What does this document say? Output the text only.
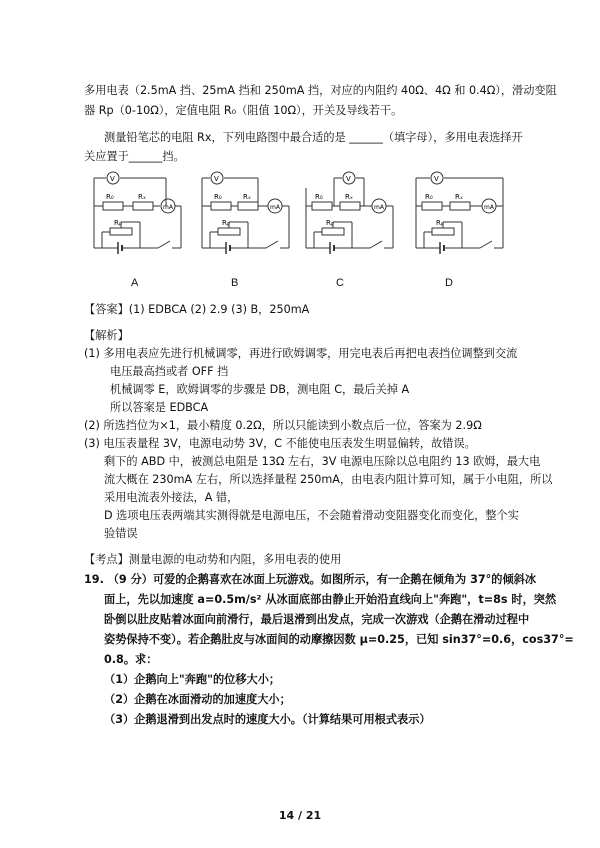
多用电表（2.5mA 挡、25mA 挡和 250mA 挡，对应的内阻约 40Ω、4Ω 和 0.4Ω），滑动变阻
器 Rp（0-10Ω），定值电阻 R₀（阻值 10Ω），开关及导线若干。
测量铅笔芯的电阻 Rx，下列电路图中最合适的是 ______（填字母），多用电表选择开
关应置于______挡。
V
mA
R₀	Rₓ
Rₚ
A
V
mA
R₀	Rₓ
Rₚ
B
V
mA
R₀	Rₓ
Rₚ
C
V
mA
R₀	Rₓ
Rₚ
D
【答案】(1) EDBCA (2) 2.9 (3) B，250mA
【解析】
(1) 多用电表应先进行机械调零，再进行欧姆调零，用完电表后再把电表挡位调整到交流
电压最高挡或者 OFF 挡
机械调零 E，欧姆调零的步骤是 DB，测电阻 C，最后关掉 A
所以答案是 EDBCA
(2) 所选挡位为×1，最小精度 0.2Ω，所以只能读到小数点后一位，答案为 2.9Ω
(3) 电压表量程 3V，电源电动势 3V，C 不能使电压表发生明显偏转，故错误。
剩下的 ABD 中，被测总电阻是 13Ω 左右，3V 电源电压除以总电阻约 13 欧姆，最大电
流大概在 230mA 左右，所以选择量程 250mA，由电表内阻计算可知，属于小电阻，所以
采用电流表外接法，A 错，
D 选项电压表两端其实测得就是电源电压，不会随着滑动变阻器变化而变化，整个实
验错误
【考点】测量电源的电动势和内阻，多用电表的使用
19. （9 分）可爱的企鹅喜欢在冰面上玩游戏。如图所示，有一企鹅在倾角为 37°的倾斜冰
面上，先以加速度 a=0.5m/s² 从冰面底部由静止开始沿直线向上"奔跑"，t=8s 时，突然
卧倒以肚皮贴着冰面向前滑行，最后退滑到出发点，完成一次游戏（企鹅在滑动过程中
姿势保持不变）。若企鹅肚皮与冰面间的动摩擦因数 μ=0.25，已知 sin37°=0.6，cos37°=
0.8。求：
（1）企鹅向上"奔跑"的位移大小；
（2）企鹅在冰面滑动的加速度大小；
（3）企鹅退滑到出发点时的速度大小。（计算结果可用根式表示）
14 / 21
